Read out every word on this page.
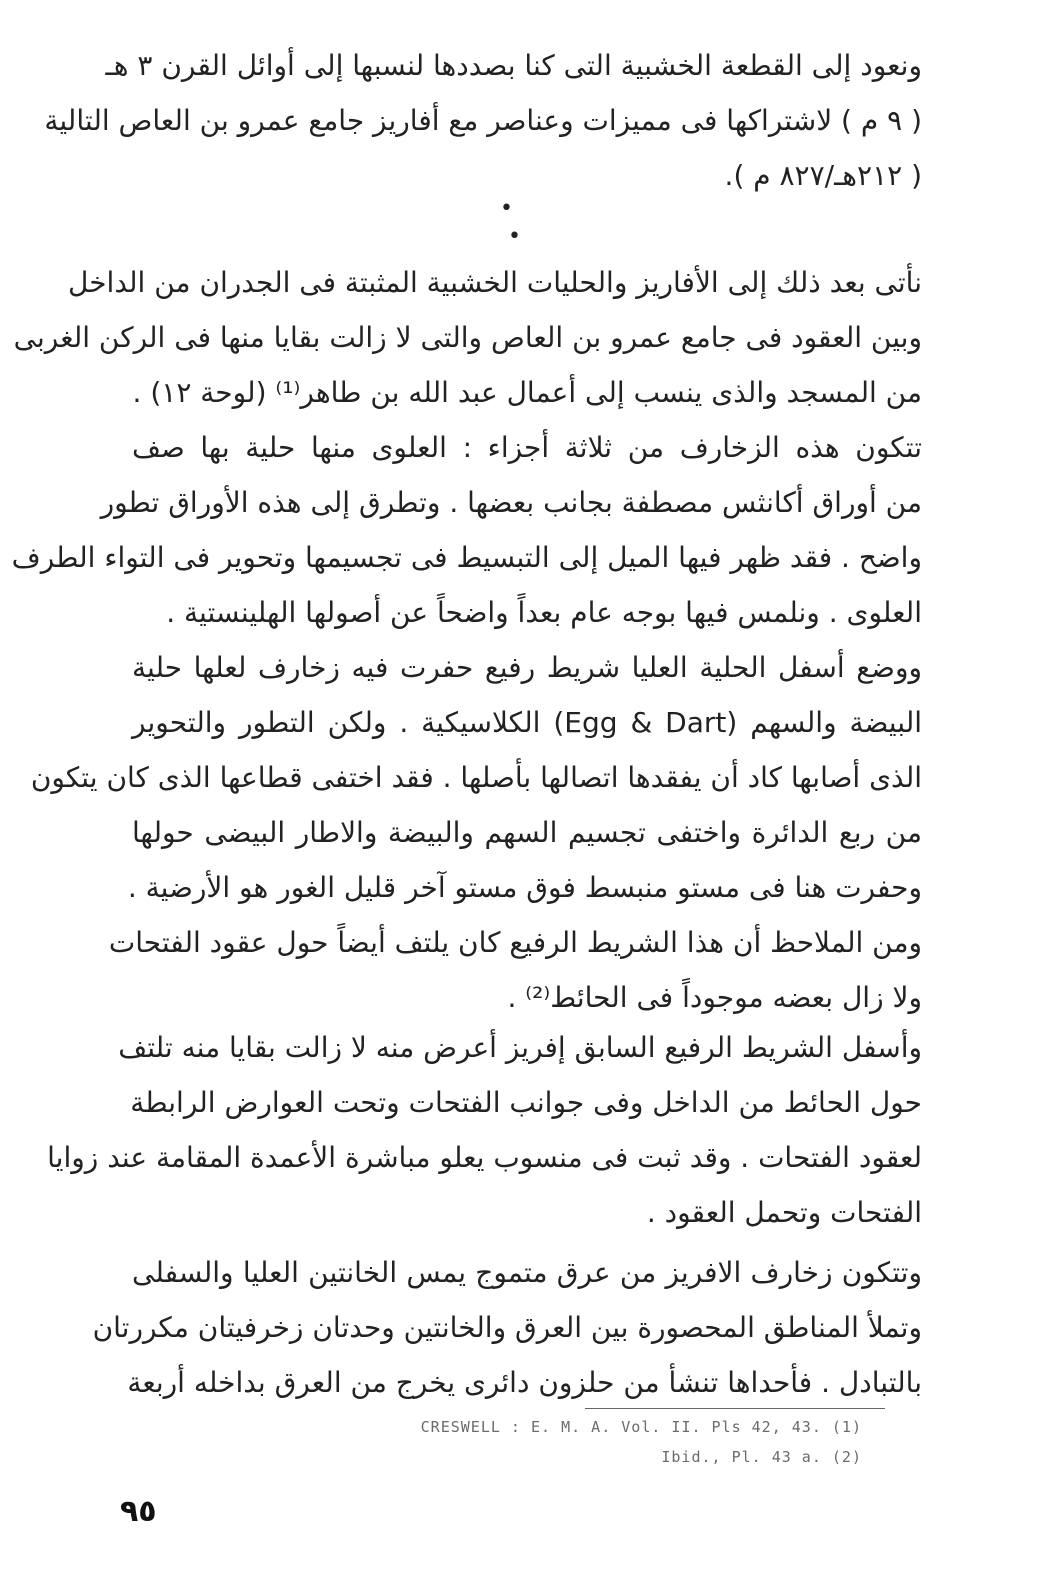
ونعود إلى القطعة الخشبية التى كنا بصددها لنسبها إلى أوائل القرن ٣ هـ
( ٩ م ) لاشتراكها فى مميزات وعناصر مع أفاريز جامع عمرو بن العاص التالية
( ٢١٢هـ/٨٢٧ م ).
•
•
نأتى بعد ذلك إلى الأفاريز والحليات الخشبية المثبتة فى الجدران من الداخل
وبين العقود فى جامع عمرو بن العاص والتى لا زالت بقايا منها فى الركن الغربى
من المسجد والذى ينسب إلى أعمال عبد الله بن طاهر⁽¹⁾ (لوحة ١٢) .
تتكون هذه الزخارف من ثلاثة أجزاء : العلوى منها حلية بها صف
من أوراق أكانثس مصطفة بجانب بعضها . وتطرق إلى هذه الأوراق تطور
واضح . فقد ظهر فيها الميل إلى التبسيط فى تجسيمها وتحوير فى التواء الطرف
العلوى . ونلمس فيها بوجه عام بعداً واضحاً عن أصولها الهلينستية .
ووضع أسفل الحلية العليا شريط رفيع حفرت فيه زخارف لعلها حلية
البيضة والسهم (Egg & Dart) الكلاسيكية . ولكن التطور والتحوير
الذى أصابها كاد أن يفقدها اتصالها بأصلها . فقد اختفى قطاعها الذى كان يتكون
من ربع الدائرة واختفى تجسيم السهم والبيضة والاطار البيضى حولها
وحفرت هنا فى مستو منبسط فوق مستو آخر قليل الغور هو الأرضية .
ومن الملاحظ أن هذا الشريط الرفيع كان يلتف أيضاً حول عقود الفتحات
ولا زال بعضه موجوداً فى الحائط⁽²⁾ .
وأسفل الشريط الرفيع السابق إفريز أعرض منه لا زالت بقايا منه تلتف
حول الحائط من الداخل وفى جوانب الفتحات وتحت العوارض الرابطة
لعقود الفتحات . وقد ثبت فى منسوب يعلو مباشرة الأعمدة المقامة عند زوايا
الفتحات وتحمل العقود .
وتتكون زخارف الافريز من عرق متموج يمس الخانتين العليا والسفلى
وتملأ المناطق المحصورة بين العرق والخانتين وحدتان زخرفيتان مكررتان
بالتبادل . فأحداها تنشأ من حلزون دائرى يخرج من العرق بداخله أربعة
CRESWELL : E. M. A. Vol. II. Pls 42, 43. (1)
Ibid., Pl. 43 a. (2)
٩٥
